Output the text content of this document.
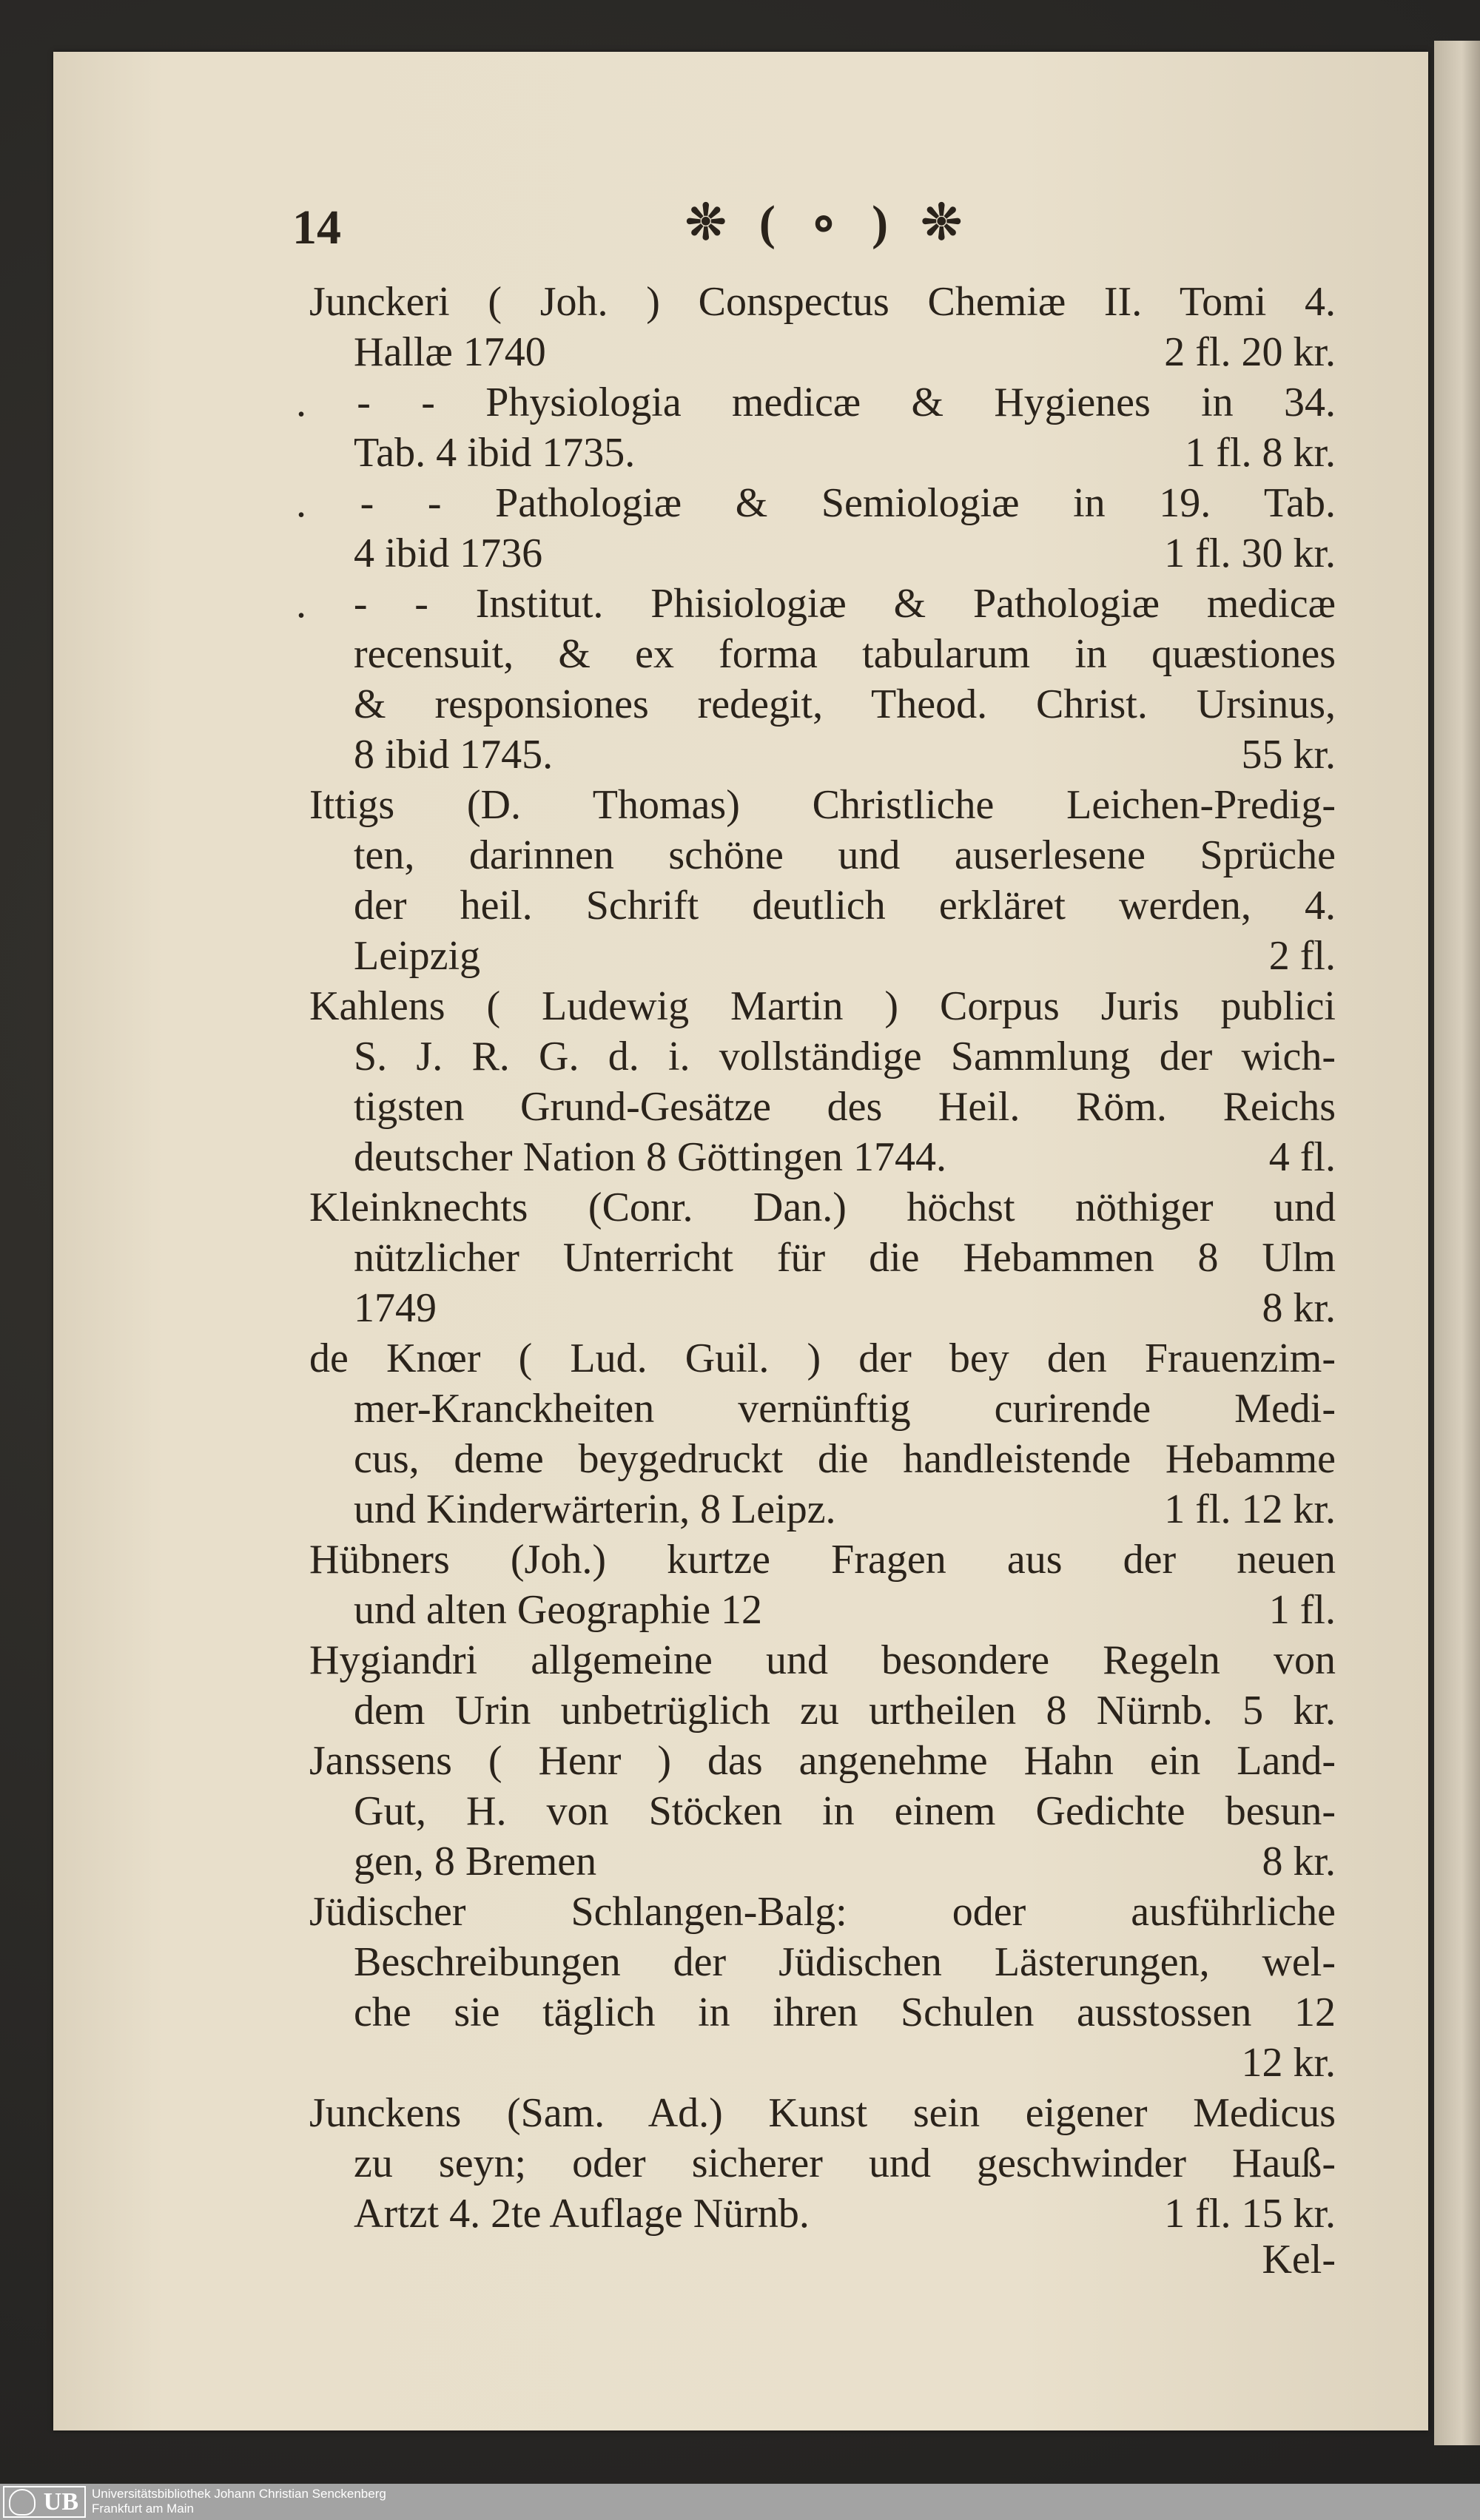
14	❊ ( ∘ ) ❊
Junckeri ( Joh. ) Conspectus Chemiæ II. Tomi 4.
Hallæ 1740	2 fl. 20 kr.
. - - Physiologia medicæ & Hygienes in 34.
Tab. 4 ibid 1735.	1 fl. 8 kr.
. - - Pathologiæ & Semiologiæ in 19. Tab.
4 ibid 1736	1 fl. 30 kr.
. - - Institut. Phisiologiæ & Pathologiæ medicæ
recensuit, & ex forma tabularum in quæstiones
& responsiones redegit, Theod. Christ. Ursinus,
8 ibid 1745.	55 kr.
Ittigs (D. Thomas) Christliche Leichen-Predig-
ten, darinnen schöne und auserlesene Sprüche
der heil. Schrift deutlich erkläret werden, 4.
Leipzig	2 fl.
Kahlens ( Ludewig Martin ) Corpus Juris publici
S. J. R. G. d. i. vollständige Sammlung der wich-
tigsten Grund-Gesätze des Heil. Röm. Reichs
deutscher Nation 8 Göttingen 1744.	4 fl.
Kleinknechts (Conr. Dan.) höchst nöthiger und
nützlicher Unterricht für die Hebammen 8 Ulm
1749	8 kr.
de Knœr ( Lud. Guil. ) der bey den Frauenzim-
mer-Kranckheiten vernünftig curirende Medi-
cus, deme beygedruckt die handleistende Hebamme
und Kinderwärterin, 8 Leipz.	1 fl. 12 kr.
Hübners (Joh.) kurtze Fragen aus der neuen
und alten Geographie 12	1 fl.
Hygiandri allgemeine und besondere Regeln von
dem Urin unbetrüglich zu urtheilen 8 Nürnb. 5 kr.
Janssens ( Henr ) das angenehme Hahn ein Land-
Gut, H. von Stöcken in einem Gedichte besun-
gen, 8 Bremen	8 kr.
Jüdischer Schlangen-Balg: oder ausführliche
Beschreibungen der Jüdischen Lästerungen, wel-
che sie täglich in ihren Schulen ausstossen 12
12 kr.
Junckens (Sam. Ad.) Kunst sein eigener Medicus
zu seyn; oder sicherer und geschwinder Hauß-
Artzt 4. 2te Auflage Nürnb.	1 fl. 15 kr.
Kel-
UB	Universitätsbibliothek Johann Christian Senckenberg
Frankfurt am Main
